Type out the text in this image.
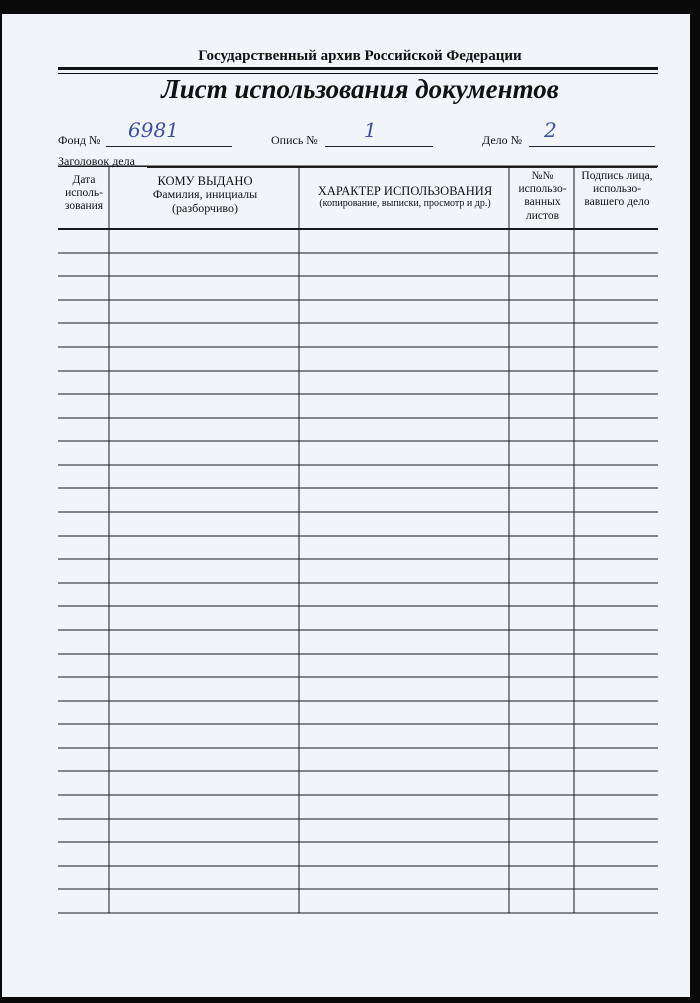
Государственный архив Российской Федерации
Лист использования документов
Фонд № 6981	Опись № 1	Дело № 2
Заголовок дела
Дата исполь- зования
КОМУ ВЫДАНО
Фамилия, инициалы (разборчиво)
ХАРАКТЕР ИСПОЛЬЗОВАНИЯ
(копирование, выписки, просмотр и др.)
№№ использо- ванных листов
Подпись лица, использо- вавшего дело
